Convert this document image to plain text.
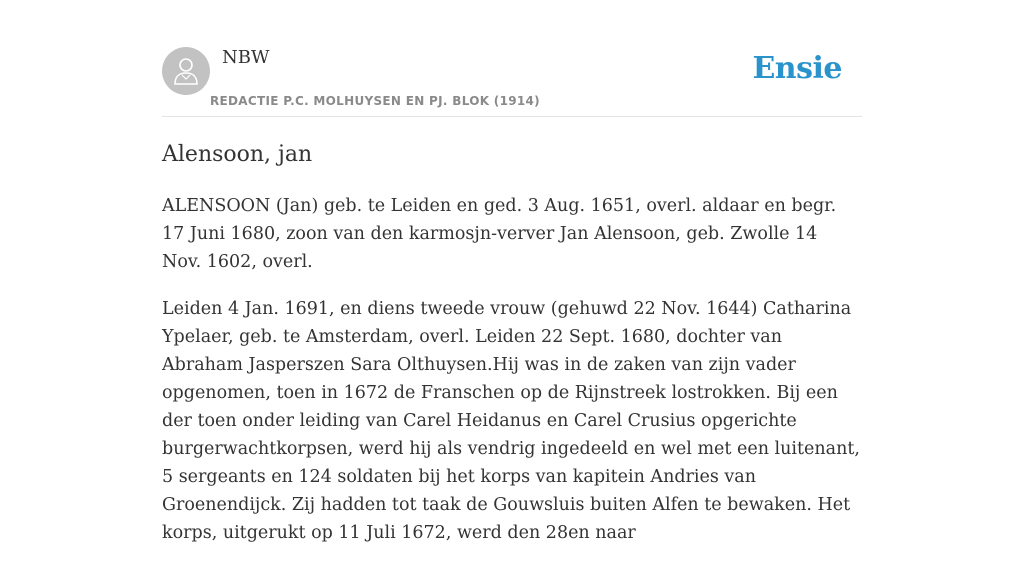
NBW
REDACTIE P.C. MOLHUYSEN EN PJ. BLOK (1914)
Ensie
Alensoon, jan

ALENSOON (Jan) geb. te Leiden en ged. 3 Aug. 1651, overl. aldaar en begr. 17 Juni 1680, zoon van den karmosjn-verver Jan Alensoon, geb. Zwolle 14 Nov. 1602, overl.

Leiden 4 Jan. 1691, en diens tweede vrouw (gehuwd 22 Nov. 1644) Catharina Ypelaer, geb. te Amsterdam, overl. Leiden 22 Sept. 1680, dochter van Abraham Jasperszen Sara Olthuysen.Hij was in de zaken van zijn vader opgenomen, toen in 1672 de Franschen op de Rijnstreek lostrokken. Bij een der toen onder leiding van Carel Heidanus en Carel Crusius opgerichte burgerwachtkorpsen, werd hij als vendrig ingedeeld en wel met een luitenant, 5 sergeants en 124 soldaten bij het korps van kapitein Andries van Groenendijck. Zij hadden tot taak de Gouwsluis buiten Alfen te bewaken. Het korps, uitgerukt op 11 Juli 1672, werd den 28en naar
